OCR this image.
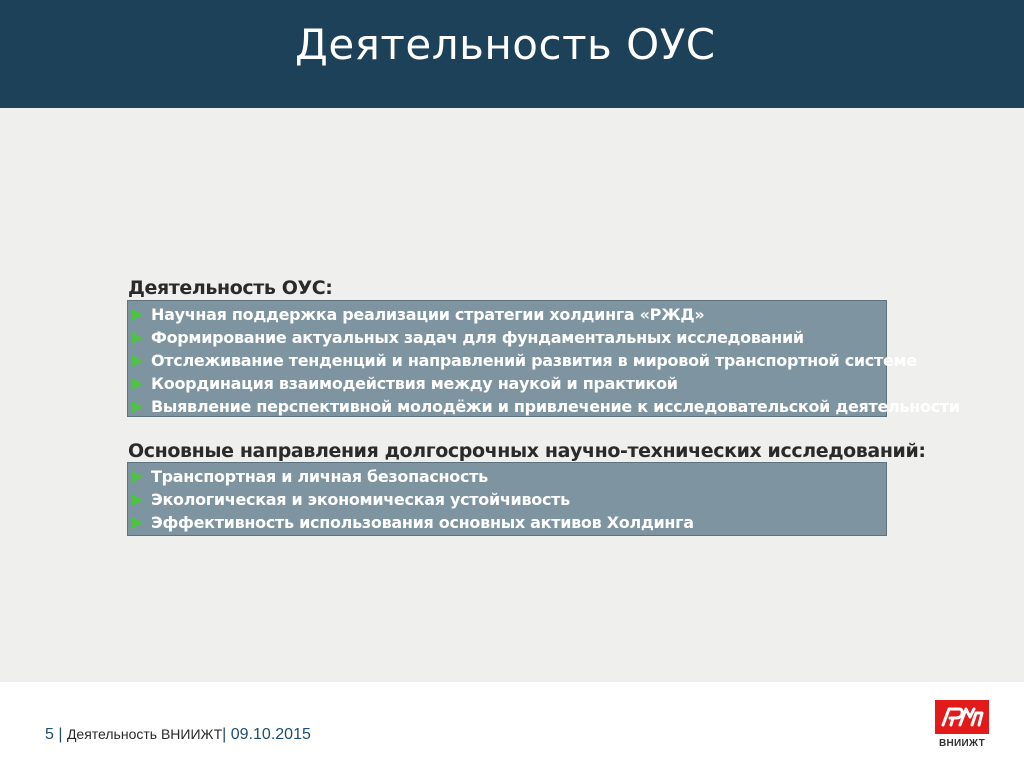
Деятельность ОУС
Деятельность ОУС:
Научная поддержка реализации стратегии холдинга «РЖД»
Формирование актуальных задач для фундаментальных исследований
Отслеживание тенденций и направлений развития в мировой транспортной системе
Координация взаимодействия между наукой и практикой
Выявление перспективной молодёжи и привлечение к исследовательской деятельности
Основные направления долгосрочных научно-технических исследований:
Транспортная и личная безопасность
Экологическая и экономическая устойчивость
Эффективность использования основных активов Холдинга
5 | Деятельность ВНИИЖТ| 09.10.2015
ВНИИЖТ
